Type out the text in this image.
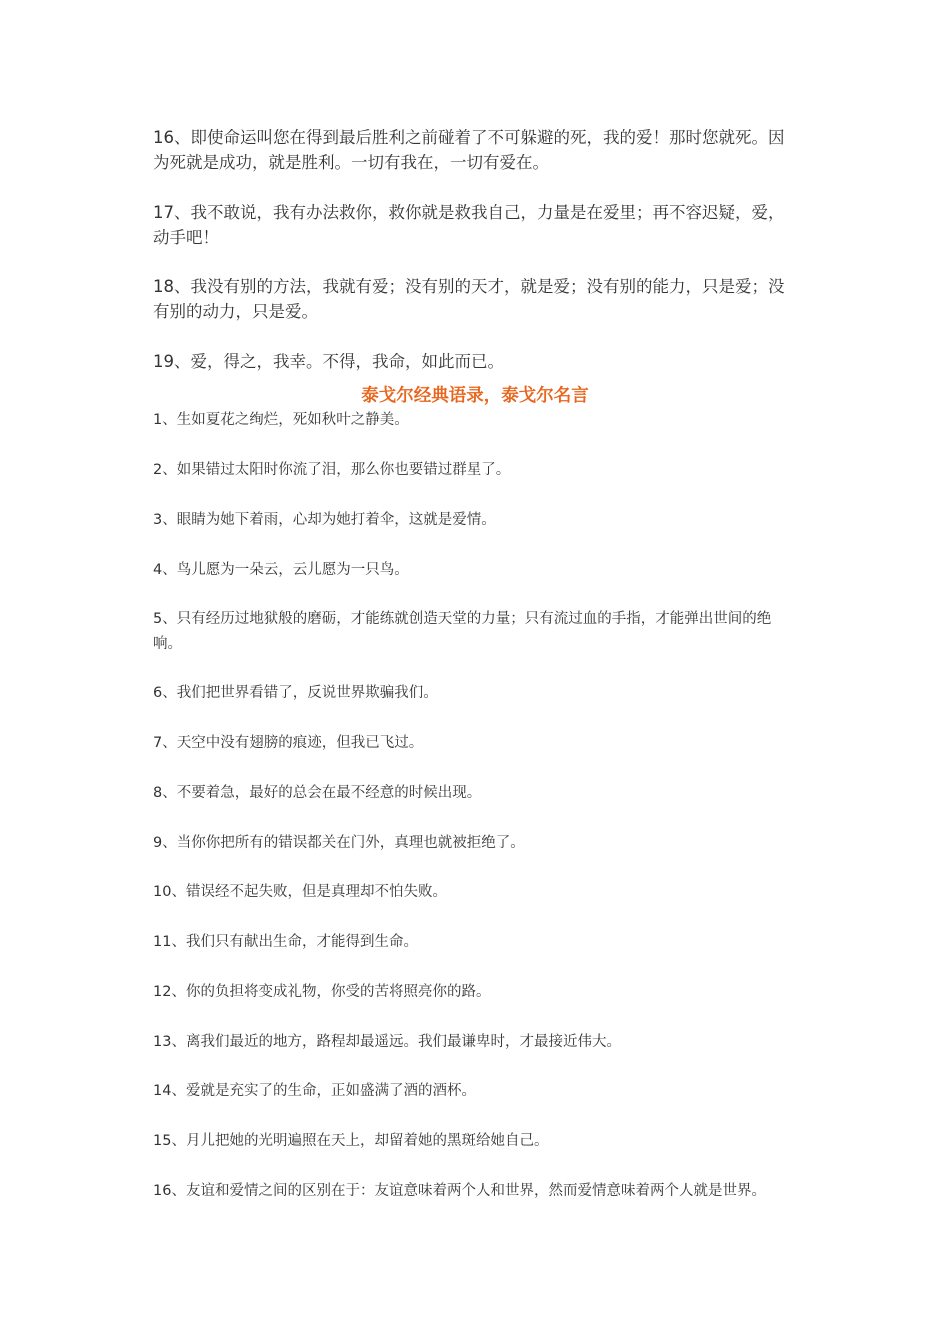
16、即使命运叫您在得到最后胜利之前碰着了不可躲避的死，我的爱！那时您就死。因为死就是成功，就是胜利。一切有我在，一切有爱在。

17、我不敢说，我有办法救你，救你就是救我自己，力量是在爱里；再不容迟疑，爱，动手吧！

18、我没有别的方法，我就有爱；没有别的天才，就是爱；没有别的能力，只是爱；没有别的动力，只是爱。

19、爱，得之，我幸。不得，我命，如此而已。

泰戈尔经典语录，泰戈尔名言

1、生如夏花之绚烂，死如秋叶之静美。

2、如果错过太阳时你流了泪，那么你也要错过群星了。

3、眼睛为她下着雨，心却为她打着伞，这就是爱情。

4、鸟儿愿为一朵云，云儿愿为一只鸟。

5、只有经历过地狱般的磨砺，才能练就创造天堂的力量；只有流过血的手指，才能弹出世间的绝响。

6、我们把世界看错了，反说世界欺骗我们。

7、天空中没有翅膀的痕迹，但我已飞过。

8、不要着急，最好的总会在最不经意的时候出现。

9、当你你把所有的错误都关在门外，真理也就被拒绝了。

10、错误经不起失败，但是真理却不怕失败。

11、我们只有献出生命，才能得到生命。

12、你的负担将变成礼物，你受的苦将照亮你的路。

13、离我们最近的地方，路程却最遥远。我们最谦卑时，才最接近伟大。

14、爱就是充实了的生命，正如盛满了酒的酒杯。

15、月儿把她的光明遍照在天上，却留着她的黑斑给她自己。

16、友谊和爱情之间的区别在于：友谊意味着两个人和世界，然而爱情意味着两个人就是世界。
